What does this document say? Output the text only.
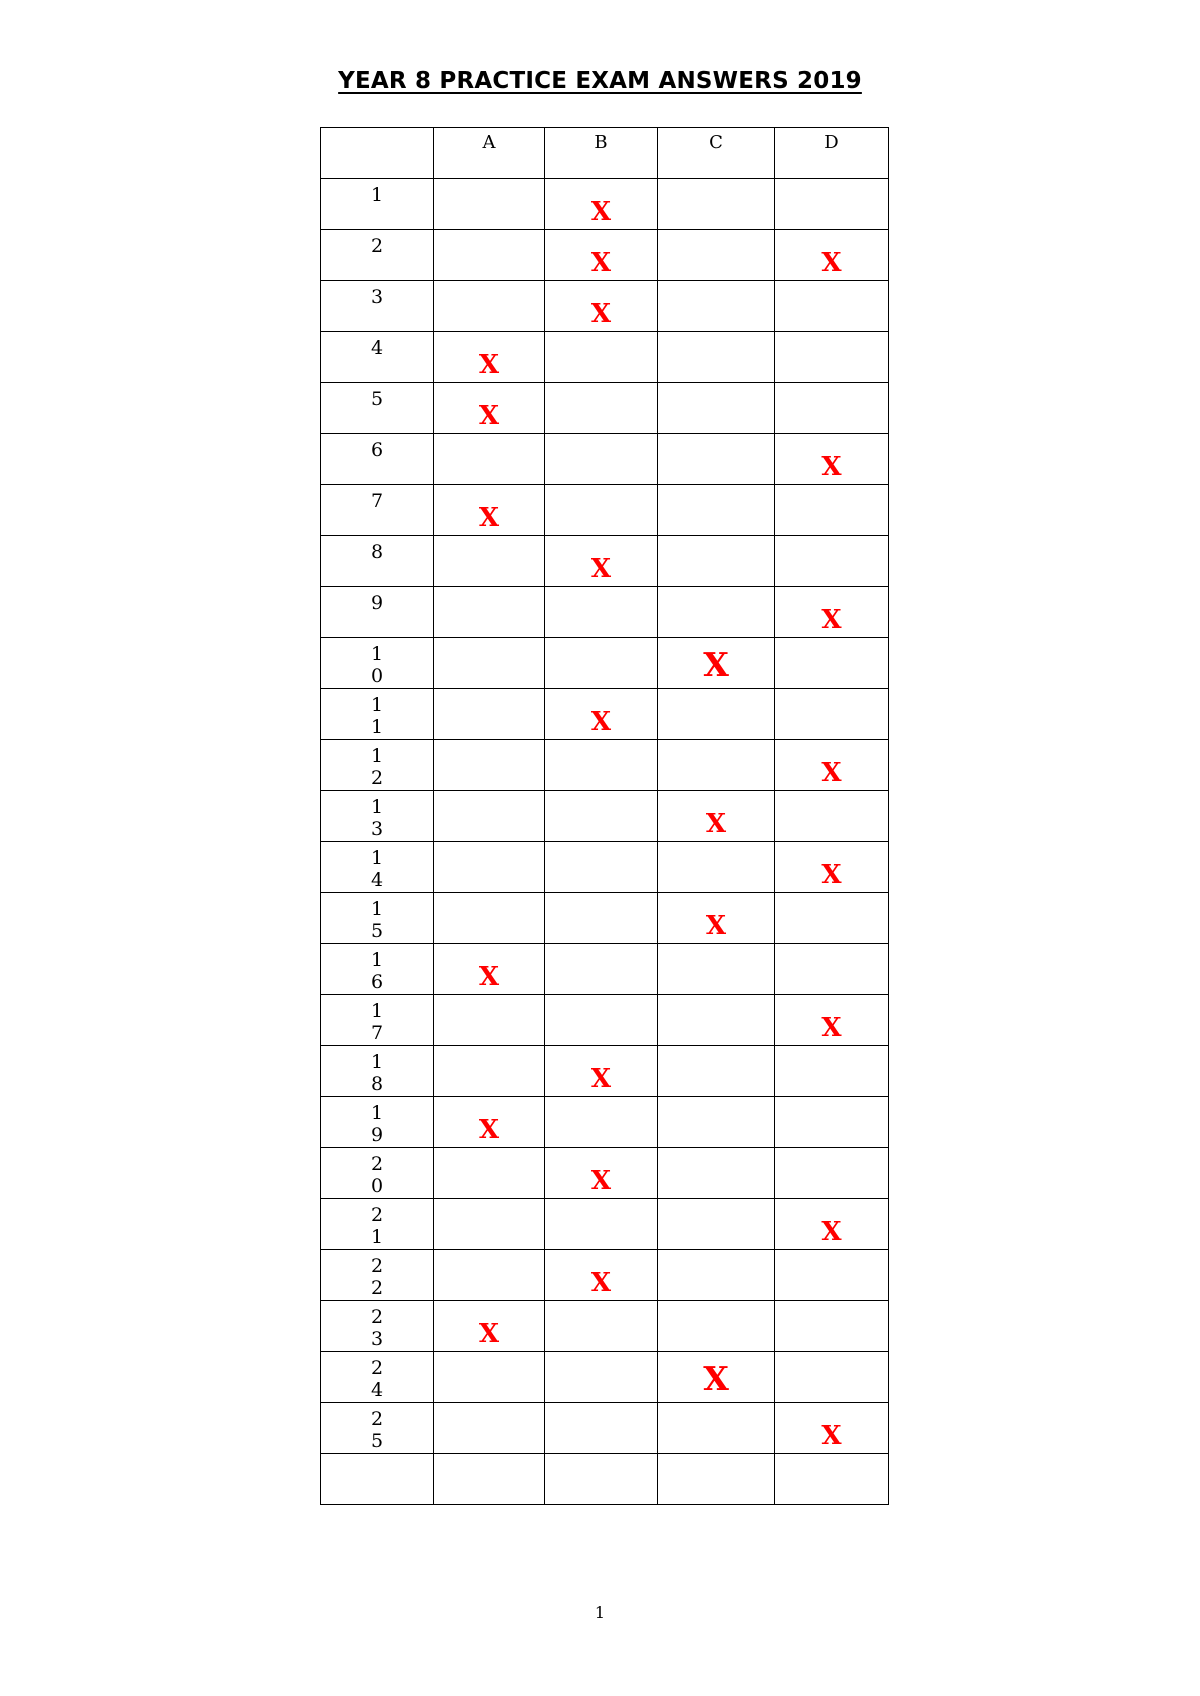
YEAR 8 PRACTICE EXAM ANSWERS 2019

	A	B	C	D

1		X		

2		X		X

3		X		

4	X			

5	X			

6				X

7	X			

8		X		

9				X

1
0			X	

1
1		X		

1
2				X

1
3			X	

1
4				X

1
5			X	

1
6	X			

1
7				X

1
8		X		

1
9	X			

2
0		X		

2
1				X

2
2		X		

2
3	X			

2
4			X	

2
5				X

1
